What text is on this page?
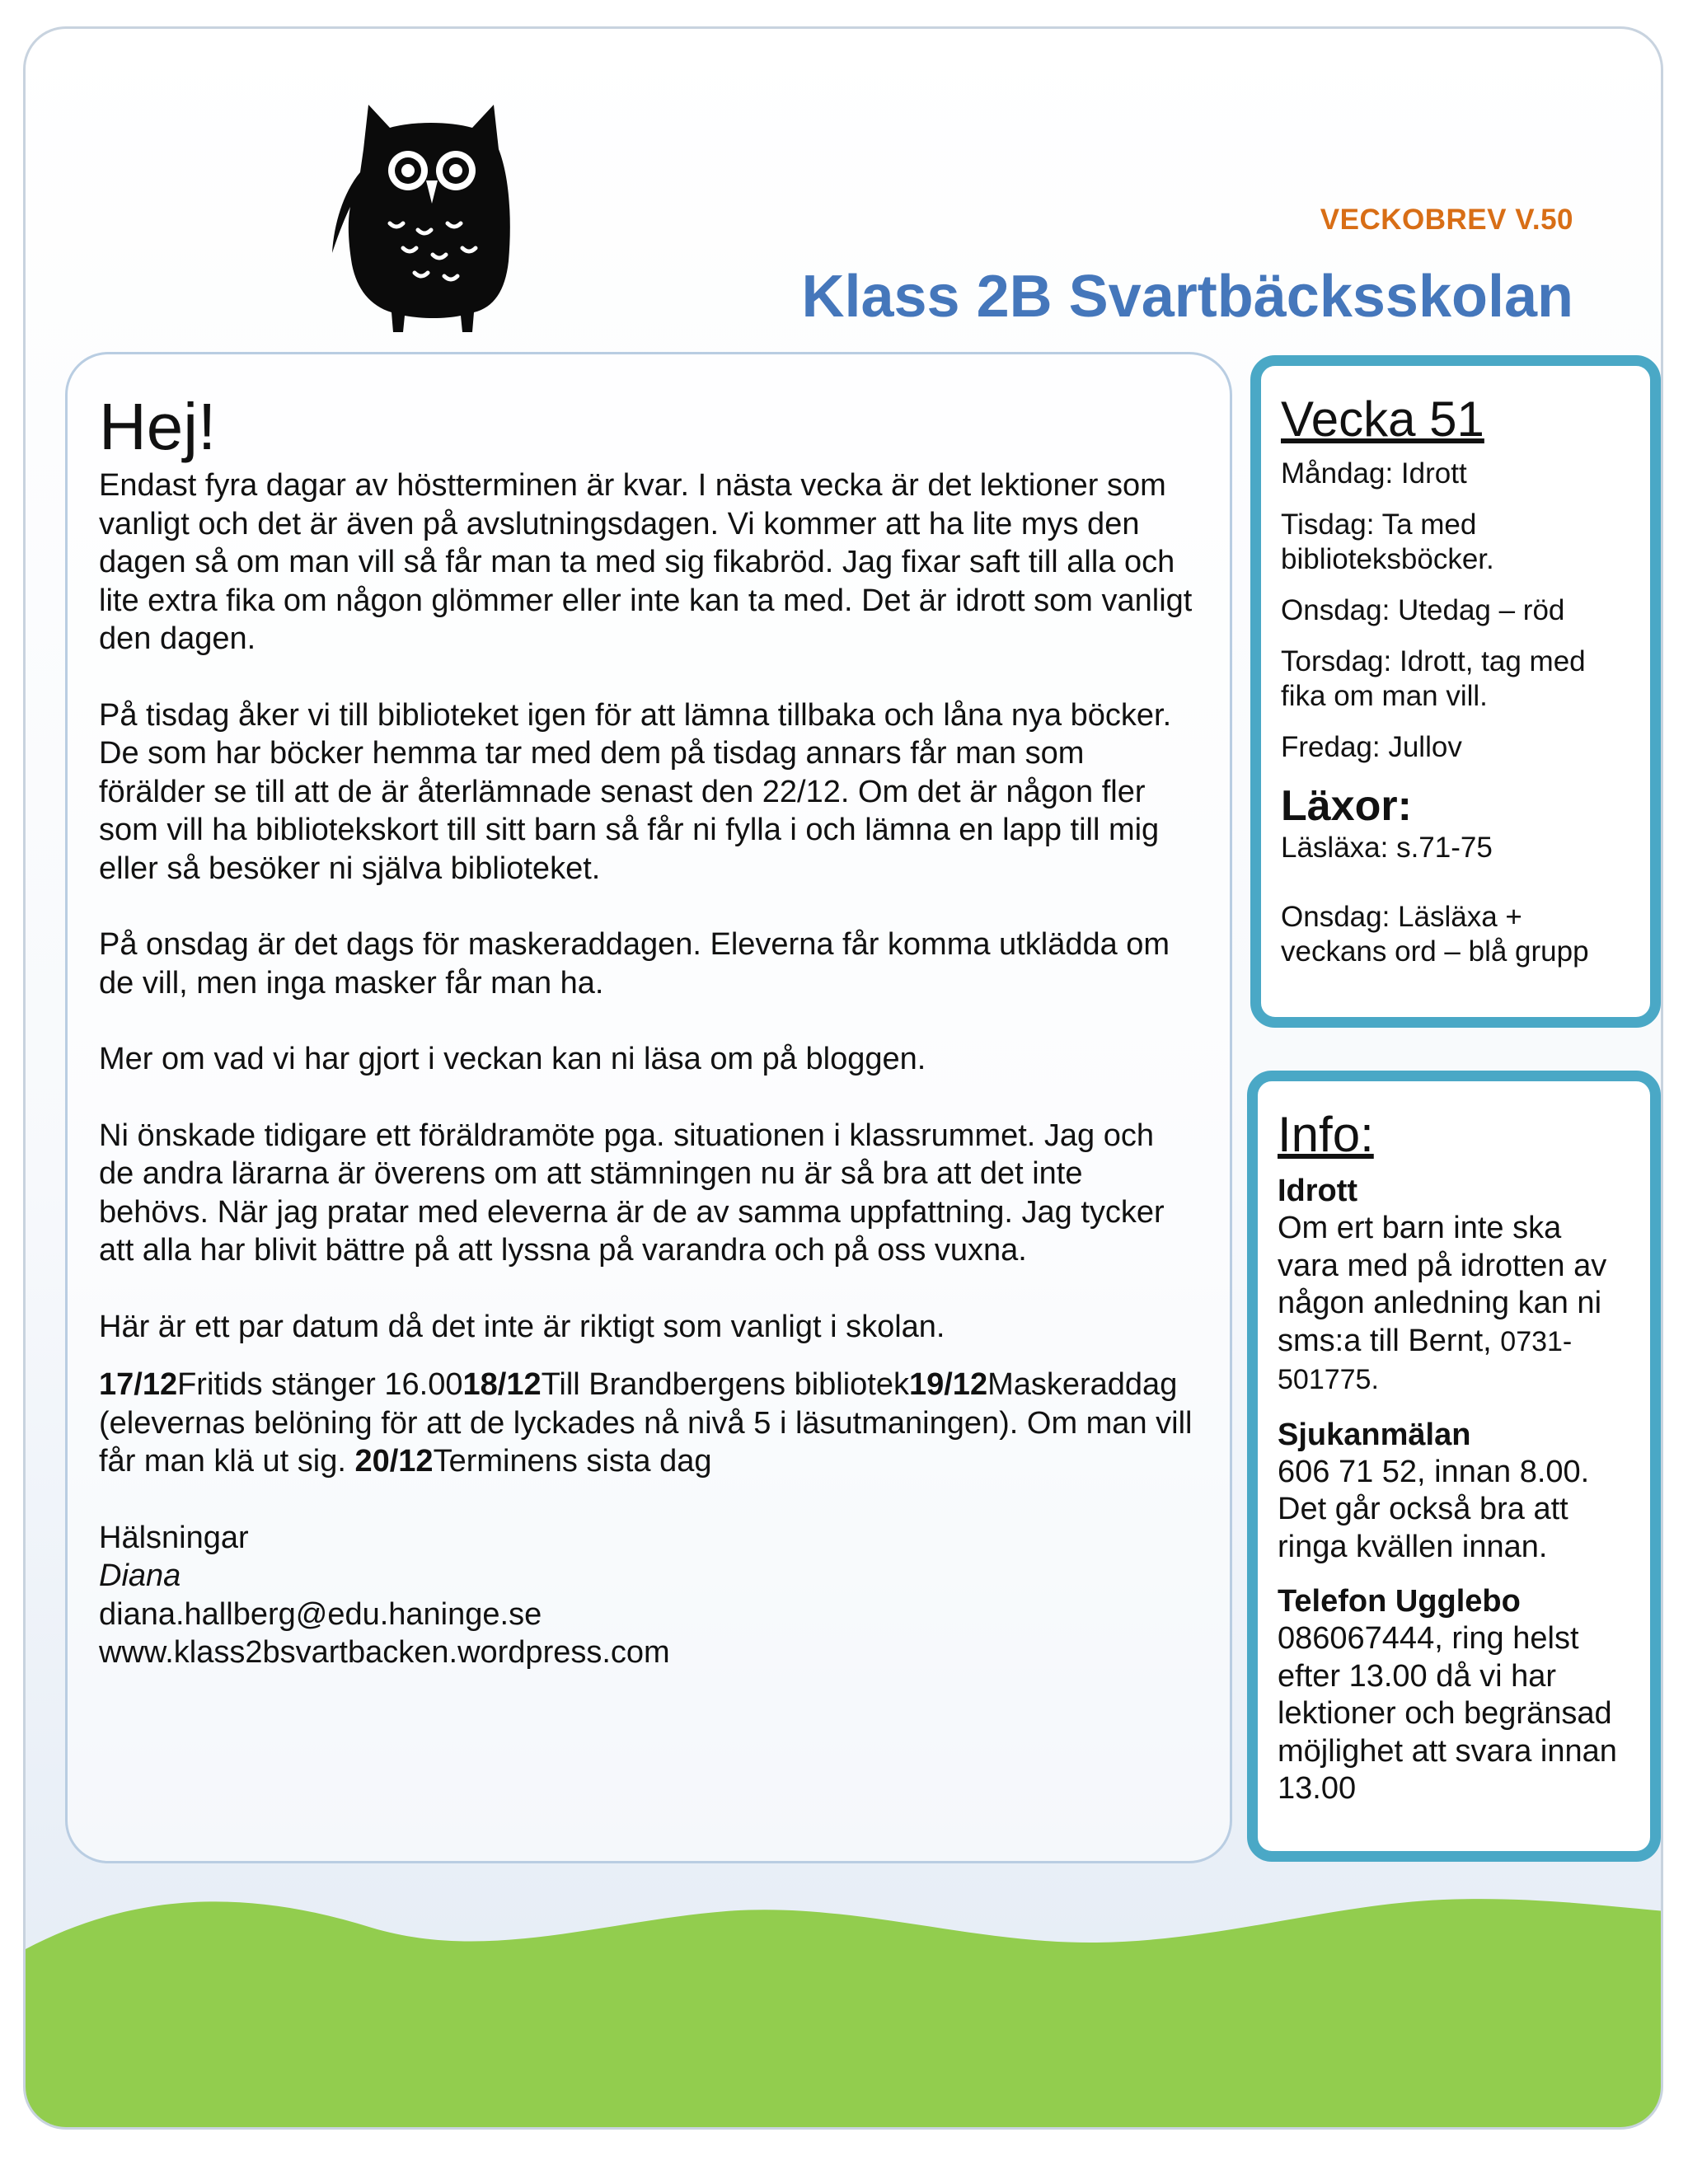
VECKOBREV V.50
Klass 2B Svartbäcksskolan
Hej!

Endast fyra dagar av höstterminen är kvar. I nästa vecka är det lektioner som vanligt och det är även på avslutningsdagen. Vi kommer att ha lite mys den dagen så om man vill så får man ta med sig fikabröd. Jag fixar saft till alla och lite extra fika om någon glömmer eller inte kan ta med. Det är idrott som vanligt den dagen.

På tisdag åker vi till biblioteket igen för att lämna tillbaka och låna nya böcker. De som har böcker hemma tar med dem på tisdag annars får man som förälder se till att de är återlämnade senast den 22/12. Om det är någon fler som vill ha bibliotekskort till sitt barn så får ni fylla i och lämna en lapp till mig eller så besöker ni själva biblioteket.

På onsdag är det dags för maskeraddagen. Eleverna får komma utklädda om de vill, men inga masker får man ha.

Mer om vad vi har gjort i veckan kan ni läsa om på bloggen.

Ni önskade tidigare ett föräldramöte pga. situationen i klassrummet. Jag och de andra lärarna är överens om att stämningen nu är så bra att det inte behövs. När jag pratar med eleverna är de av samma uppfattning. Jag tycker att alla har blivit bättre på att lyssna på varandra och på oss vuxna.

Här är ett par datum då det inte är riktigt som vanligt i skolan.

17/12Fritids stänger 16.0018/12Till Brandbergens bibliotek19/12Maskeraddag (elevernas belöning för att de lyckades nå nivå 5 i läsutmaningen). Om man vill får man klä ut sig. 20/12Terminens sista dag

Hälsningar
Diana
diana.hallberg@edu.haninge.se
www.klass2bsvartbacken.wordpress.com
Vecka 51
Måndag: Idrott
Tisdag: Ta med biblioteksböcker.
Onsdag: Utedag – röd
Torsdag: Idrott, tag med fika om man vill.
Fredag: Jullov
Läxor:
Läsläxa: s.71-75
Onsdag: Läsläxa + veckans ord – blå grupp
Info:
Idrott
Om ert barn inte ska vara med på idrotten av någon anledning kan ni sms:a till Bernt, 0731-501775.
Sjukanmälan
606 71 52, innan 8.00. Det går också bra att ringa kvällen innan.
Telefon Ugglebo
086067444, ring helst efter 13.00 då vi har lektioner och begränsad möjlighet att svara innan 13.00
